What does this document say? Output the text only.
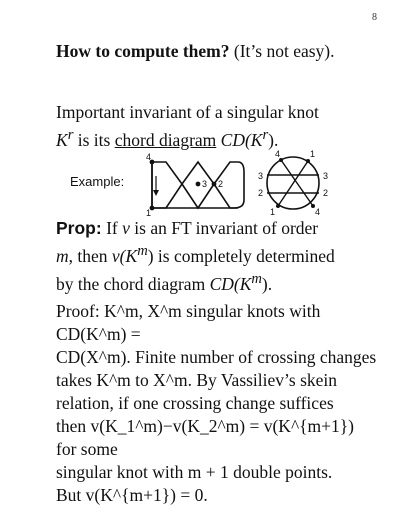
8
How to compute them? (It’s not easy).
Important invariant of a singular knot
$K^r$ is its chord diagram $CD(K^r)$.
Example:
4
1
3 2
4	1
3	3
2	2
1	4
Prop: If v is an FT invariant of order
m, then $v(K^m)$ is completely determined
by the chord diagram $CD(K^m)$.
Proof: K^m, X^m singular knots with CD(K^m) =
CD(X^m). Finite number of crossing changes
takes K^m to X^m. By Vassiliev’s skein
relation, if one crossing change suffices
then v(K_1^m)−v(K_2^m) = v(K^{m+1}) for some
singular knot with m + 1 double points.
But v(K^{m+1}) = 0.
